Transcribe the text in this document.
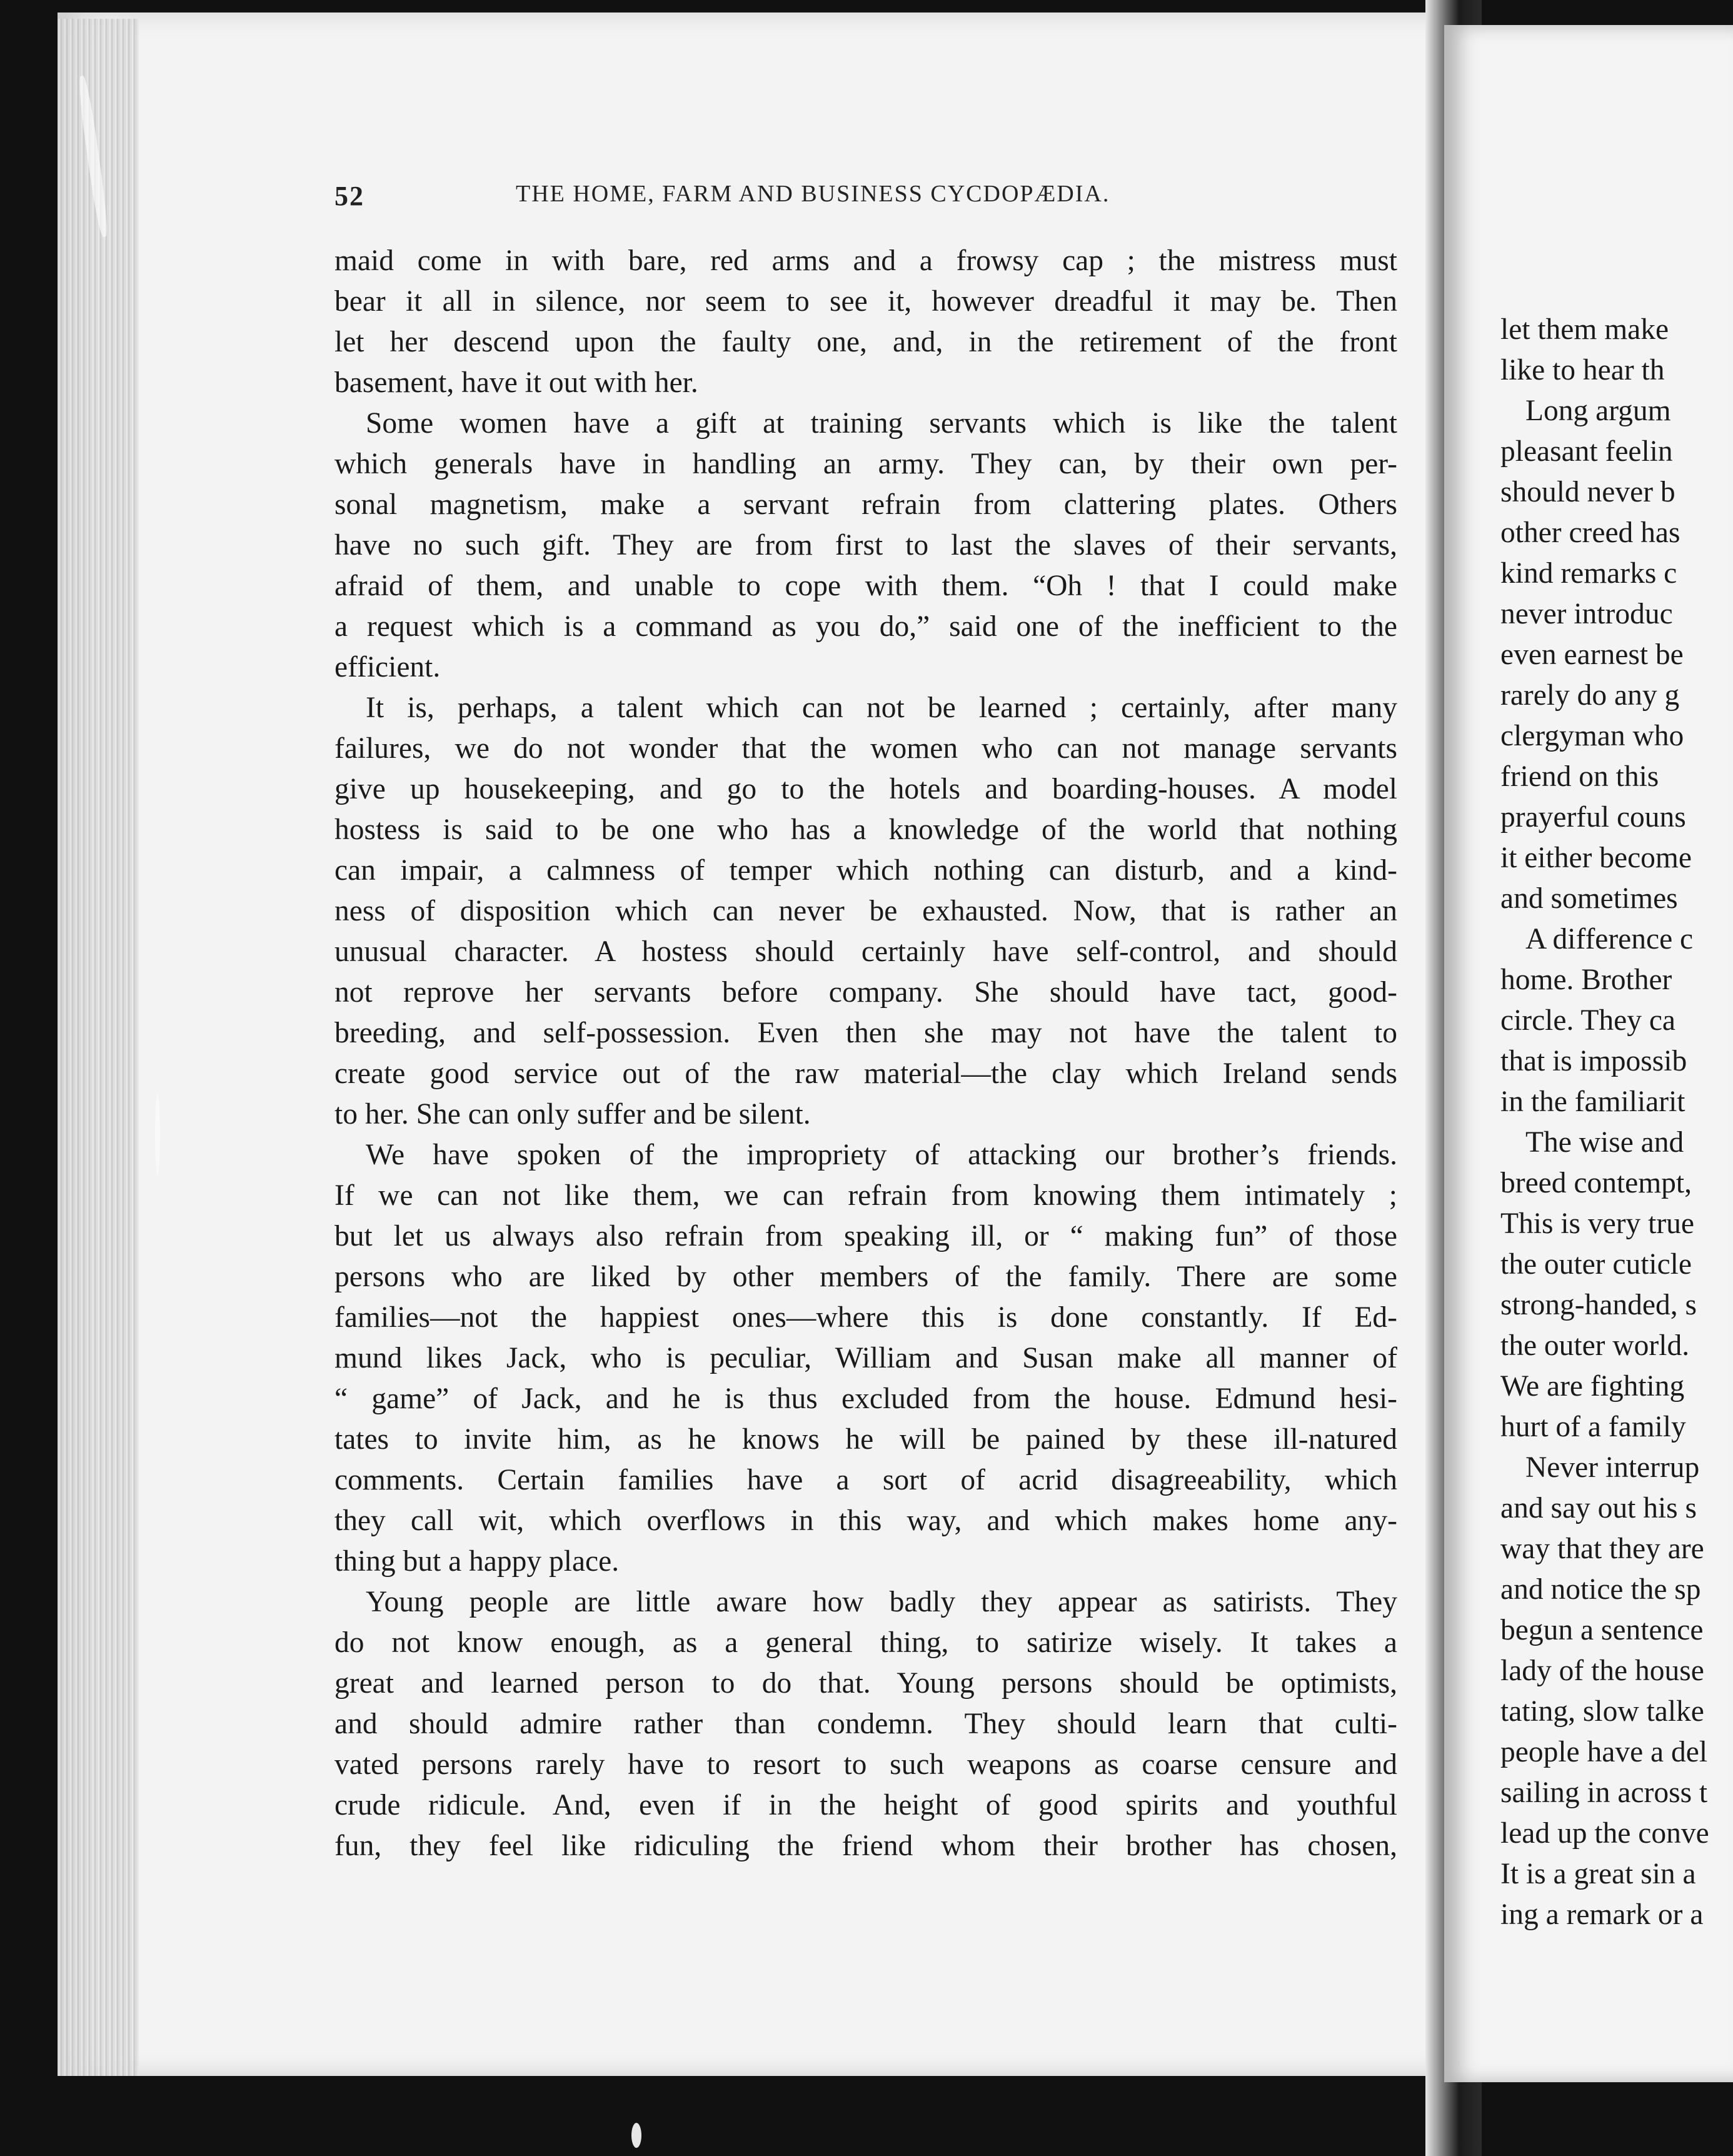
let them make
like to hear th
Long argum
pleasant feelin
should never b
other creed has
kind remarks c
never introduc
even earnest be
rarely do any g
clergyman who
friend on this
prayerful couns
it either become
and sometimes
A difference c
home. Brother
circle. They ca
that is impossib
in the familiarit
The wise and
breed contempt,
This is very true
the outer cuticle
strong-handed, s
the outer world.
We are fighting
hurt of a family
Never interrup
and say out his s
way that they are
and notice the sp
begun a sentence
lady of the house
tating, slow talke
people have a del
sailing in across t
lead up the conve
It is a great sin a
ing a remark or a
52	THE HOME, FARM AND BUSINESS CYCDOPÆDIA.
maid come in with bare, red arms and a frowsy cap ; the mistress must
bear it all in silence, nor seem to see it, however dreadful it may be. Then
let her descend upon the faulty one, and, in the retirement of the front
basement, have it out with her.
Some women have a gift at training servants which is like the talent
which generals have in handling an army. They can, by their own per-
sonal magnetism, make a servant refrain from clattering plates. Others
have no such gift. They are from first to last the slaves of their servants,
afraid of them, and unable to cope with them. “Oh ! that I could make
a request which is a command as you do,” said one of the inefficient to the
efficient.
It is, perhaps, a talent which can not be learned ; certainly, after many
failures, we do not wonder that the women who can not manage servants
give up housekeeping, and go to the hotels and boarding-houses. A model
hostess is said to be one who has a knowledge of the world that nothing
can impair, a calmness of temper which nothing can disturb, and a kind-
ness of disposition which can never be exhausted. Now, that is rather an
unusual character. A hostess should certainly have self-control, and should
not reprove her servants before company. She should have tact, good-
breeding, and self-possession. Even then she may not have the talent to
create good service out of the raw material—the clay which Ireland sends
to her. She can only suffer and be silent.
We have spoken of the impropriety of attacking our brother’s friends.
If we can not like them, we can refrain from knowing them intimately ;
but let us always also refrain from speaking ill, or “ making fun” of those
persons who are liked by other members of the family. There are some
families—not the happiest ones—where this is done constantly. If Ed-
mund likes Jack, who is peculiar, William and Susan make all manner of
“ game” of Jack, and he is thus excluded from the house. Edmund hesi-
tates to invite him, as he knows he will be pained by these ill-natured
comments. Certain families have a sort of acrid disagreeability, which
they call wit, which overflows in this way, and which makes home any-
thing but a happy place.
Young people are little aware how badly they appear as satirists. They
do not know enough, as a general thing, to satirize wisely. It takes a
great and learned person to do that. Young persons should be optimists,
and should admire rather than condemn. They should learn that culti-
vated persons rarely have to resort to such weapons as coarse censure and
crude ridicule. And, even if in the height of good spirits and youthful
fun, they feel like ridiculing the friend whom their brother has chosen,
